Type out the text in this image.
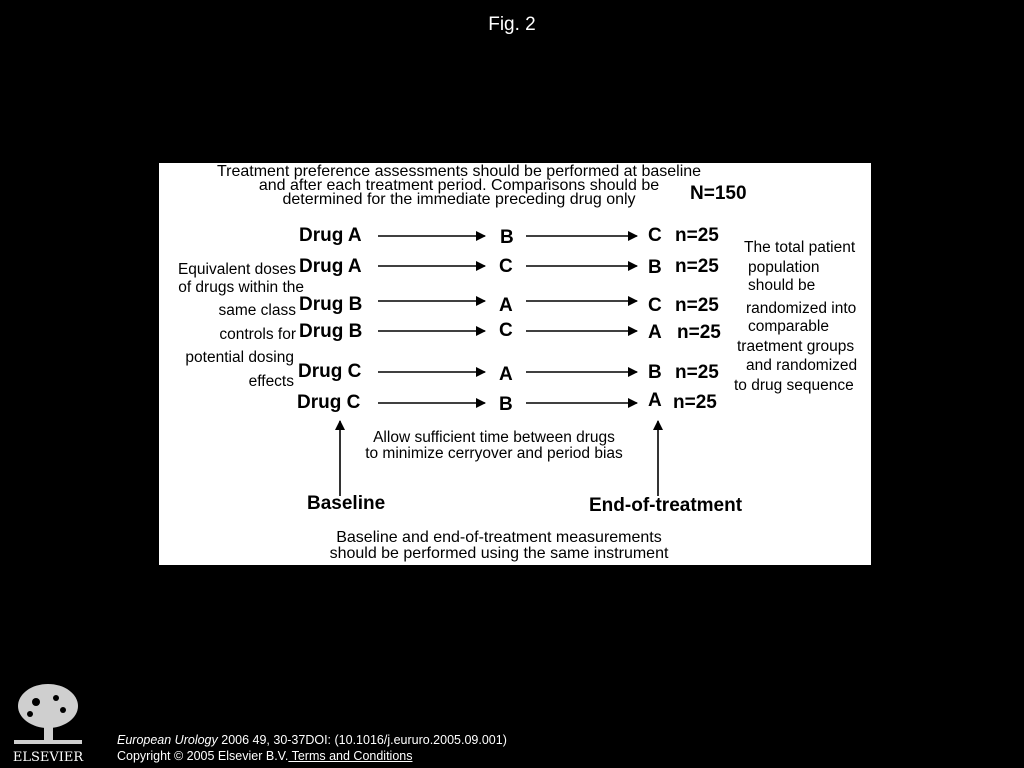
Fig. 2
Treatment preference assessments should be performed at baseline
and after each treatment period. Comparisons should be
determined for the immediate preceding drug only	N=150
Drug A	B	C n=25
Drug A	C	B n=25
Drug B	A	C n=25
Drug B	C	A n=25
Drug C	A	B n=25
Drug C	B	A n=25
Equivalent doses
of drugs within the
same class
controls for
potential dosing
effects
The total patient
population
should be
randomized into
comparable
traetment groups
and randomized
to drug sequence
Allow sufficient time between drugs
to minimize cerryover and period bias
Baseline	End-of-treatment
Baseline and end-of-treatment measurements
should be performed using the same instrument
ELSEVIER
European Urology 2006 49, 30-37DOI: (10.1016/j.eururo.2005.09.001)
Copyright © 2005 Elsevier B.V. Terms and Conditions
